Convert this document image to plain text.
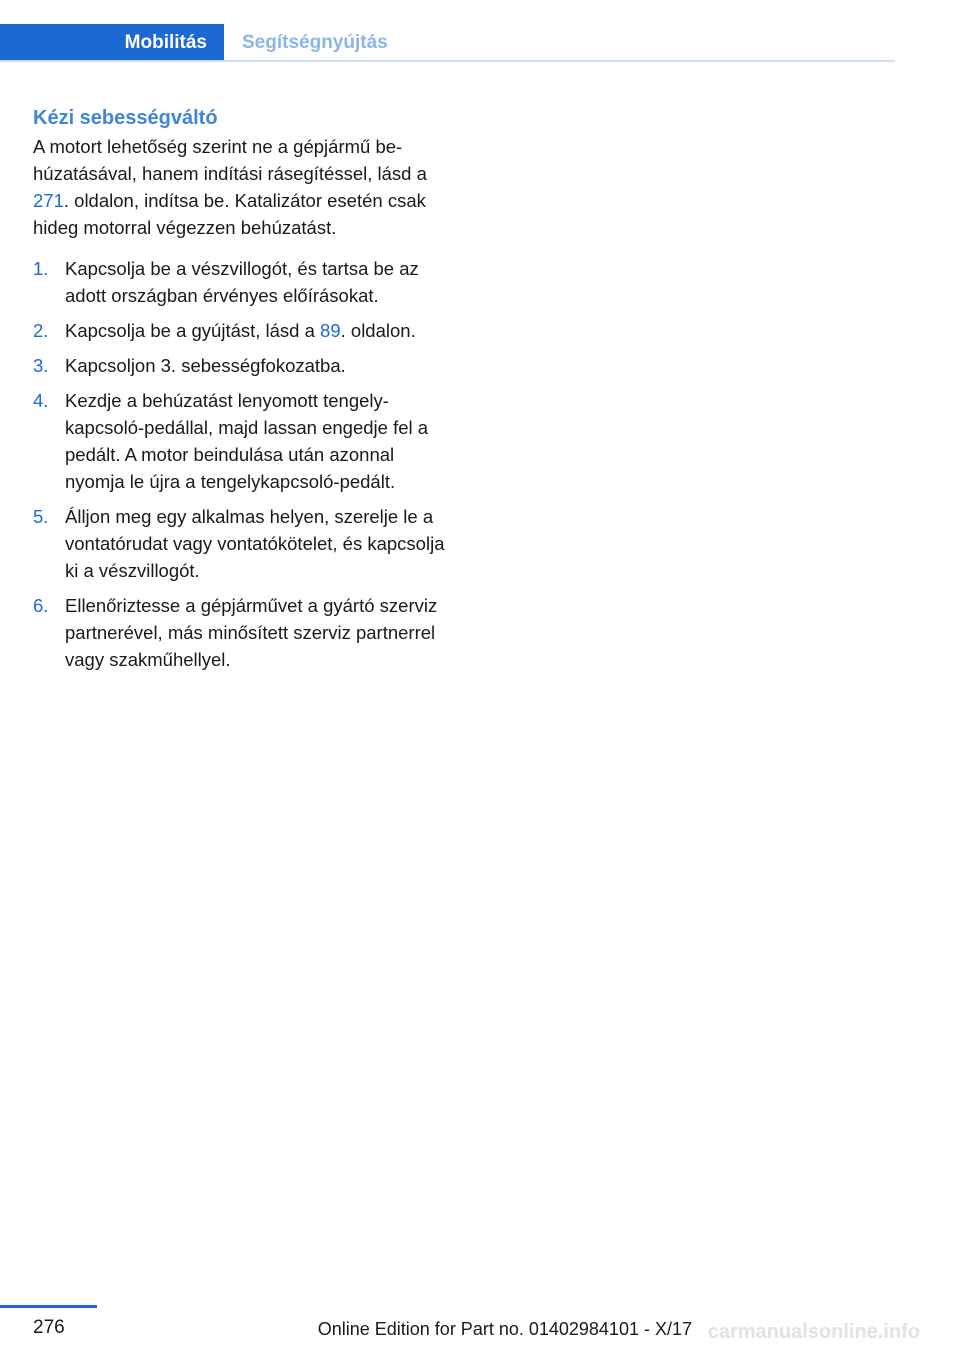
Mobilitás	Segítségnyújtás
Kézi sebességváltó

A motort lehetőség szerint ne a gépjármű behúzatásával, hanem indítási rásegítéssel, lásd a 271. oldalon, indítsa be. Katalizátor esetén csak hideg motorral végezzen behúzatást.

1. Kapcsolja be a vészvillogót, és tartsa be az adott országban érvényes előírásokat.
2. Kapcsolja be a gyújtást, lásd a 89. oldalon.
3. Kapcsoljon 3. sebességfokozatba.
4. Kezdje a behúzatást lenyomott tengelykapcsoló-pedállal, majd lassan engedje fel a pedált. A motor beindulása után azonnal nyomja le újra a tengelykapcsoló-pedált.
5. Álljon meg egy alkalmas helyen, szerelje le a vontatórudat vagy vontatókötelet, és kapcsolja ki a vészvillogót.
6. Ellenőriztesse a gépjárművet a gyártó szerviz partnerével, más minősített szerviz partnerrel vagy szakműhellyel.
276	Online Edition for Part no. 01402984101 - X/17 carmanualsonline.info
